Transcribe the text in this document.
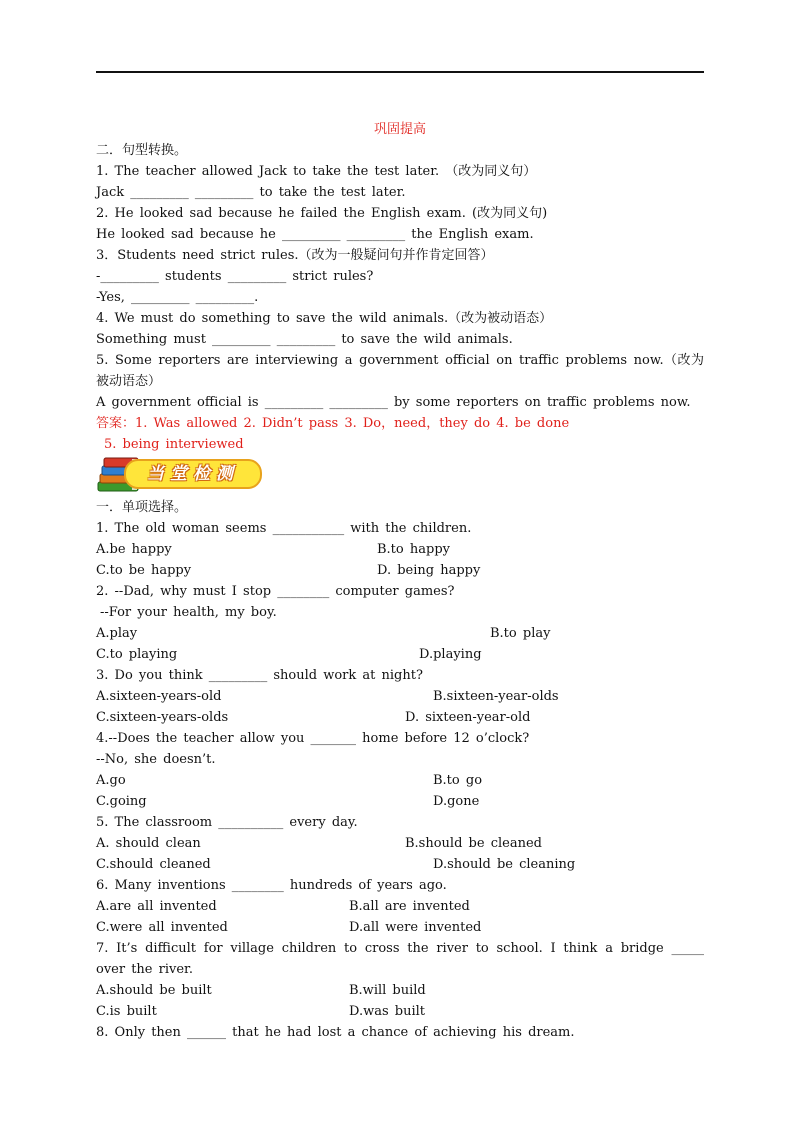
巩固提高
二．句型转换。
1. The teacher allowed Jack to take the test later. （改为同义句）
Jack _________ _________ to take the test later.
2. He looked sad because he failed the English exam. (改为同义句)
He looked sad because he _________ _________ the English exam.
3．Students need strict rules.（改为一般疑问句并作肯定回答）
-_________ students _________ strict rules?
-Yes, _________ _________.
4. We must do something to save the wild animals.（改为被动语态）
Something must _________ _________ to save the wild animals.
5. Some reporters are interviewing a government official on traffic problems now.（改为被动语态）
A government official is _________ _________ by some reporters on traffic problems now.
答案：1. Was allowed 2. Didn’t pass 3. Do，need，they do 4. be done
5. being interviewed
当堂检测
一．单项选择。
1. The old woman seems ___________ with the children.
A.be happy	B.to happy
C.to be happy	D. being happy
2. --Dad, why must I stop ________ computer games?
--For your health, my boy.
A.play	B.to play
C.to playing	D.playing
3. Do you think _________ should work at night?
A.sixteen-years-old	B.sixteen-year-olds
C.sixteen-years-olds	D. sixteen-year-old
4.--Does the teacher allow you _______ home before 12 o’clock?
--No, she doesn’t.
A.go	B.to go
C.going	D.gone
5. The classroom __________ every day.
A. should clean	B.should be cleaned
C.should cleaned	D.should be cleaning
6. Many inventions ________ hundreds of years ago.
A.are all invented	B.all are invented
C.were all invented	D.all were invented
7. It’s difficult for village children to cross the river to school. I think a bridge _____ over the river.
A.should be built	B.will build
C.is built	D.was built
8. Only then ______ that he had lost a chance of achieving his dream.
